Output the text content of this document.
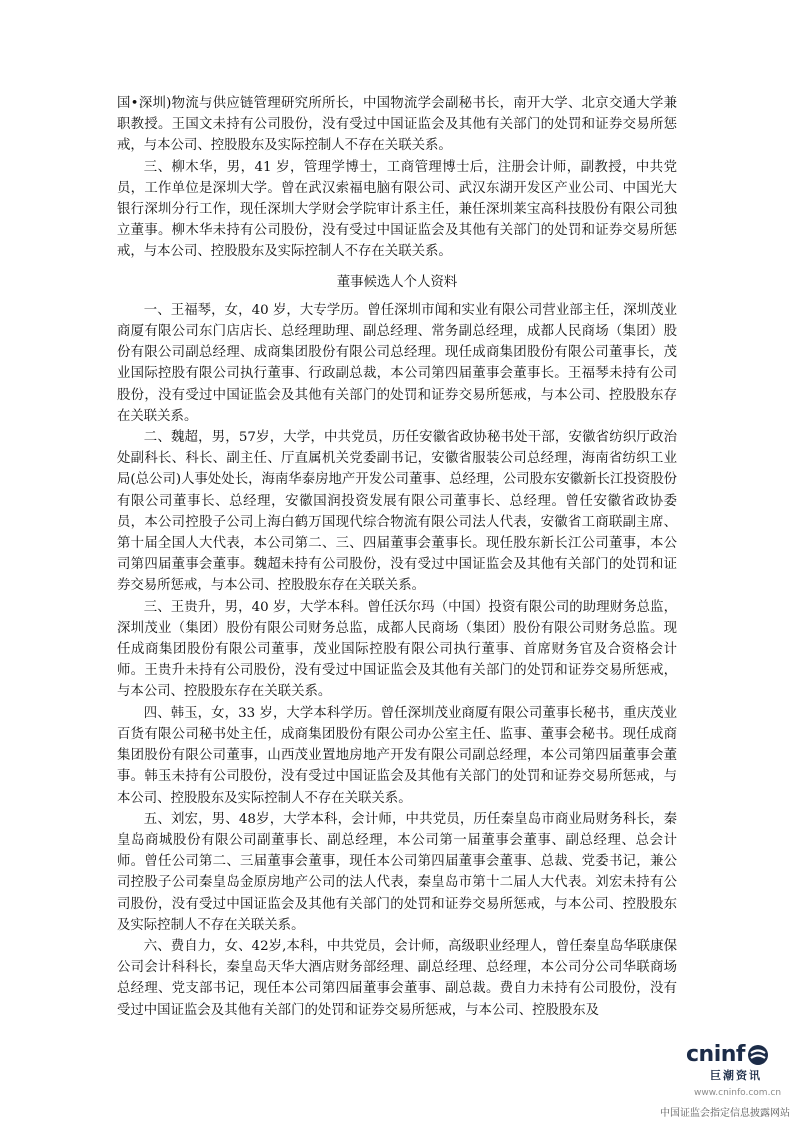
国•深圳)物流与供应链管理研究所所长，中国物流学会副秘书长，南开大学、北京交通大学兼职教授。王国文未持有公司股份，没有受过中国证监会及其他有关部门的处罚和证券交易所惩戒，与本公司、控股股东及实际控制人不存在关联关系。

三、柳木华，男，41 岁，管理学博士，工商管理博士后，注册会计师，副教授，中共党员，工作单位是深圳大学。曾在武汉索福电脑有限公司、武汉东湖开发区产业公司、中国光大银行深圳分行工作，现任深圳大学财会学院审计系主任，兼任深圳莱宝高科技股份有限公司独立董事。柳木华未持有公司股份，没有受过中国证监会及其他有关部门的处罚和证券交易所惩戒，与本公司、控股股东及实际控制人不存在关联关系。

董事候选人个人资料

一、王福琴，女，40 岁，大专学历。曾任深圳市闻和实业有限公司营业部主任，深圳茂业商厦有限公司东门店店长、总经理助理、副总经理、常务副总经理，成都人民商场（集团）股份有限公司副总经理、成商集团股份有限公司总经理。现任成商集团股份有限公司董事长，茂业国际控股有限公司执行董事、行政副总裁，本公司第四届董事会董事长。王福琴未持有公司股份，没有受过中国证监会及其他有关部门的处罚和证券交易所惩戒，与本公司、控股股东存在关联关系。

二、魏超，男，57岁，大学，中共党员，历任安徽省政协秘书处干部，安徽省纺织厅政治处副科长、科长、副主任、厅直属机关党委副书记，安徽省服装公司总经理，海南省纺织工业局(总公司)人事处处长，海南华泰房地产开发公司董事、总经理，公司股东安徽新长江投资股份有限公司董事长、总经理，安徽国润投资发展有限公司董事长、总经理。曾任安徽省政协委员，本公司控股子公司上海白鹤万国现代综合物流有限公司法人代表，安徽省工商联副主席、第十届全国人大代表，本公司第二、三、四届董事会董事长。现任股东新长江公司董事，本公司第四届董事会董事。魏超未持有公司股份，没有受过中国证监会及其他有关部门的处罚和证券交易所惩戒，与本公司、控股股东存在关联关系。

三、王贵升，男，40 岁，大学本科。曾任沃尔玛（中国）投资有限公司的助理财务总监，深圳茂业（集团）股份有限公司财务总监，成都人民商场（集团）股份有限公司财务总监。现任成商集团股份有限公司董事，茂业国际控股有限公司执行董事、首席财务官及合资格会计师。王贵升未持有公司股份，没有受过中国证监会及其他有关部门的处罚和证券交易所惩戒，与本公司、控股股东存在关联关系。

四、韩玉，女，33 岁，大学本科学历。曾任深圳茂业商厦有限公司董事长秘书，重庆茂业百货有限公司秘书处主任，成商集团股份有限公司办公室主任、监事、董事会秘书。现任成商集团股份有限公司董事，山西茂业置地房地产开发有限公司副总经理，本公司第四届董事会董事。韩玉未持有公司股份，没有受过中国证监会及其他有关部门的处罚和证券交易所惩戒，与本公司、控股股东及实际控制人不存在关联关系。

五、刘宏，男、48岁，大学本科，会计师，中共党员，历任秦皇岛市商业局财务科长，秦皇岛商城股份有限公司副董事长、副总经理，本公司第一届董事会董事、副总经理、总会计师。曾任公司第二、三届董事会董事，现任本公司第四届董事会董事、总裁、党委书记，兼公司控股子公司秦皇岛金原房地产公司的法人代表，秦皇岛市第十二届人大代表。刘宏未持有公司股份，没有受过中国证监会及其他有关部门的处罚和证券交易所惩戒，与本公司、控股股东及实际控制人不存在关联关系。

六、费自力，女、42岁,本科，中共党员，会计师，高级职业经理人，曾任秦皇岛华联康保公司会计科科长，秦皇岛天华大酒店财务部经理、副总经理、总经理，本公司分公司华联商场总经理、党支部书记，现任本公司第四届董事会董事、副总裁。费自力未持有公司股份，没有受过中国证监会及其他有关部门的处罚和证券交易所惩戒，与本公司、控股股东及

cninf
巨潮资讯
www.cninfo.com.cn
中国证监会指定信息披露网站
